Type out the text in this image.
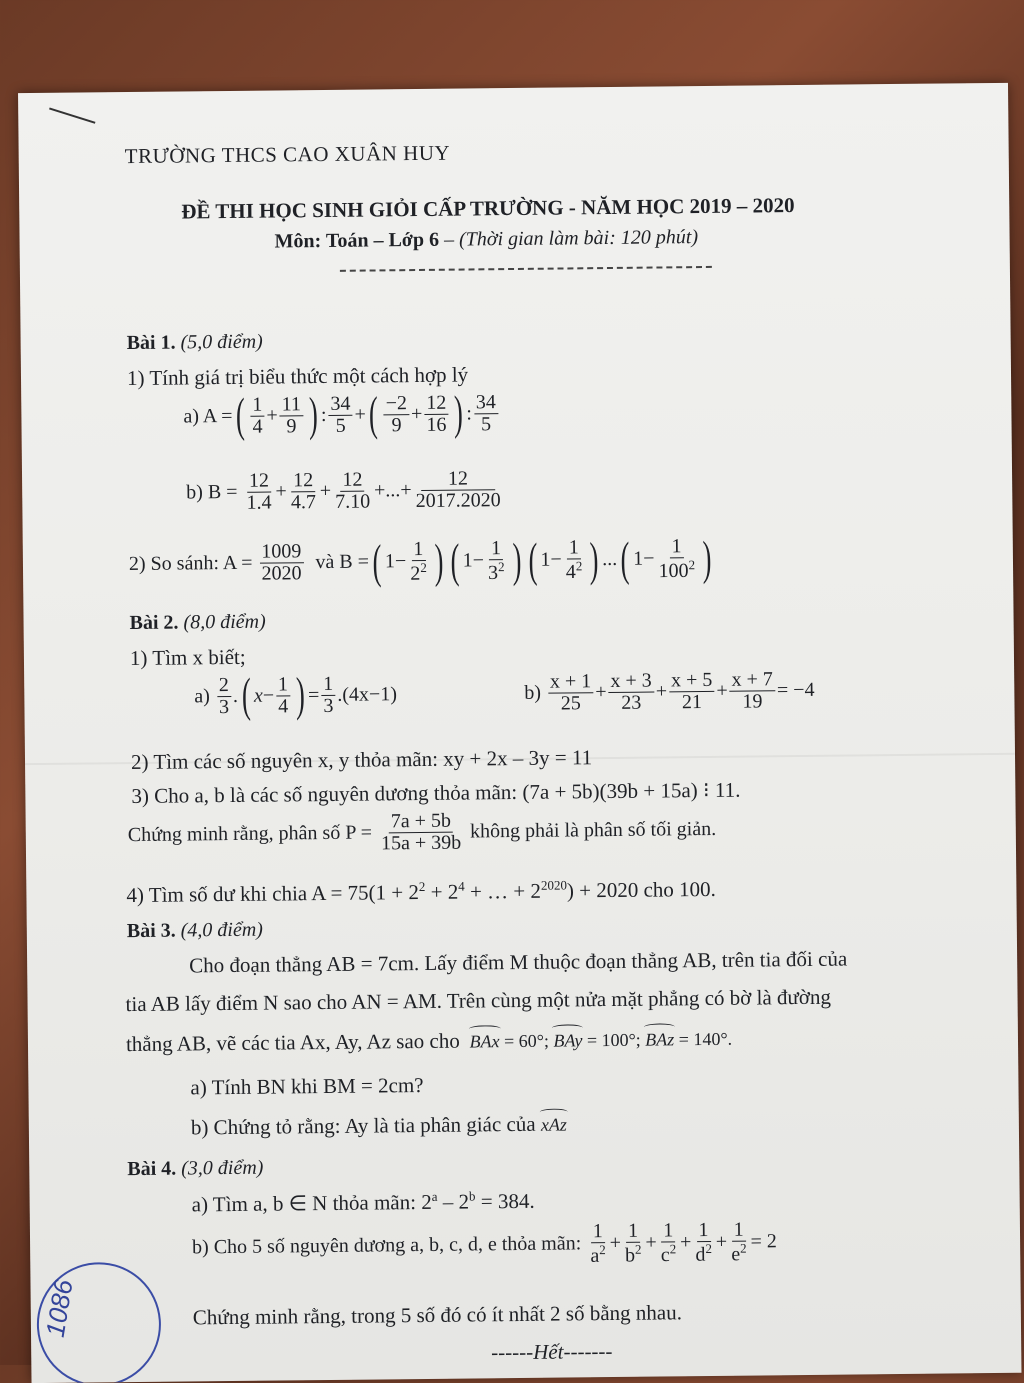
TRƯỜNG THCS CAO XUÂN HUY
ĐỀ THI HỌC SINH GIỎI CẤP TRƯỜNG - NĂM HỌC 2019 – 2020
Môn: Toán – Lớp 6 – (Thời gian làm bài: 120 phút)
Bài 1. (5,0 điểm)
1) Tính giá trị biểu thức một cách hợp lý
a) A = ( $\frac{1}{4} + \frac{11}{9}$ ) : $\frac{34}{5}$ + ( $\frac{-2}{9} + \frac{12}{16}$ ) : $\frac{34}{5}$
b) B =
$\frac{12}{1.4} + \frac{12}{4.7} + \frac{12}{7.10}$ +...+ $\frac{12}{2017.2020}$
2) So sánh: A =
$\frac{1009}{2020}$
và B = ( $1- \frac{1}{2^2}$ ) ( $1- \frac{1}{3^2}$ ) ( $1- \frac{1}{4^2}$ ) ... ( $1- \frac{1}{100^2}$ )
Bài 2. (8,0 điểm)
1) Tìm x biết;
a)
$\frac{2}{3}$ . ( $x - \frac{1}{4}$ ) = $\frac{1}{3} .(4x-1)$	b)
$\frac{x + 1}{25} + \frac{x + 3}{23} + \frac{x + 5}{21} + \frac{x + 7}{19} = -4$
2) Tìm các số nguyên x, y thỏa mãn: xy + 2x – 3y = 11
3) Cho a, b là các số nguyên dương thỏa mãn: (7a + 5b)(39b + 15a) ⁝ 11.
Chứng minh rằng, phân số P =
$\frac{7a + 5b}{15a + 39b}$
không phải là phân số tối giản.
4) Tìm số dư khi chia $A = 75(1 + 2^2 + 2^4$ + … + $2^{2020}) + 2020$ cho 100.
Bài 3. (4,0 điểm)
Cho đoạn thẳng AB = 7cm. Lấy điểm M thuộc đoạn thẳng AB, trên tia đối của
tia AB lấy điểm N sao cho AN = AM. Trên cùng một nửa mặt phẳng có bờ là đường
thẳng AB, vẽ các tia Ax, Ay, Az sao cho BAx = 60°; BAy = 100°; BAz = 140°.
a) Tính BN khi BM = 2cm?
b) Chứng tỏ rằng: Ay là tia phân giác của xAz
Bài 4. (3,0 điểm)
a) Tìm a, b ∈ N thỏa mãn: $2^a - 2^b = 384$.
b) Cho 5 số nguyên dương a, b, c, d, e thỏa mãn:
$\frac{1}{a^2} + \frac{1}{b^2} + \frac{1}{c^2} + \frac{1}{d^2} + \frac{1}{e^2} = 2$
Chứng minh rằng, trong 5 số đó có ít nhất 2 số bằng nhau.
------Hết-------
1086
